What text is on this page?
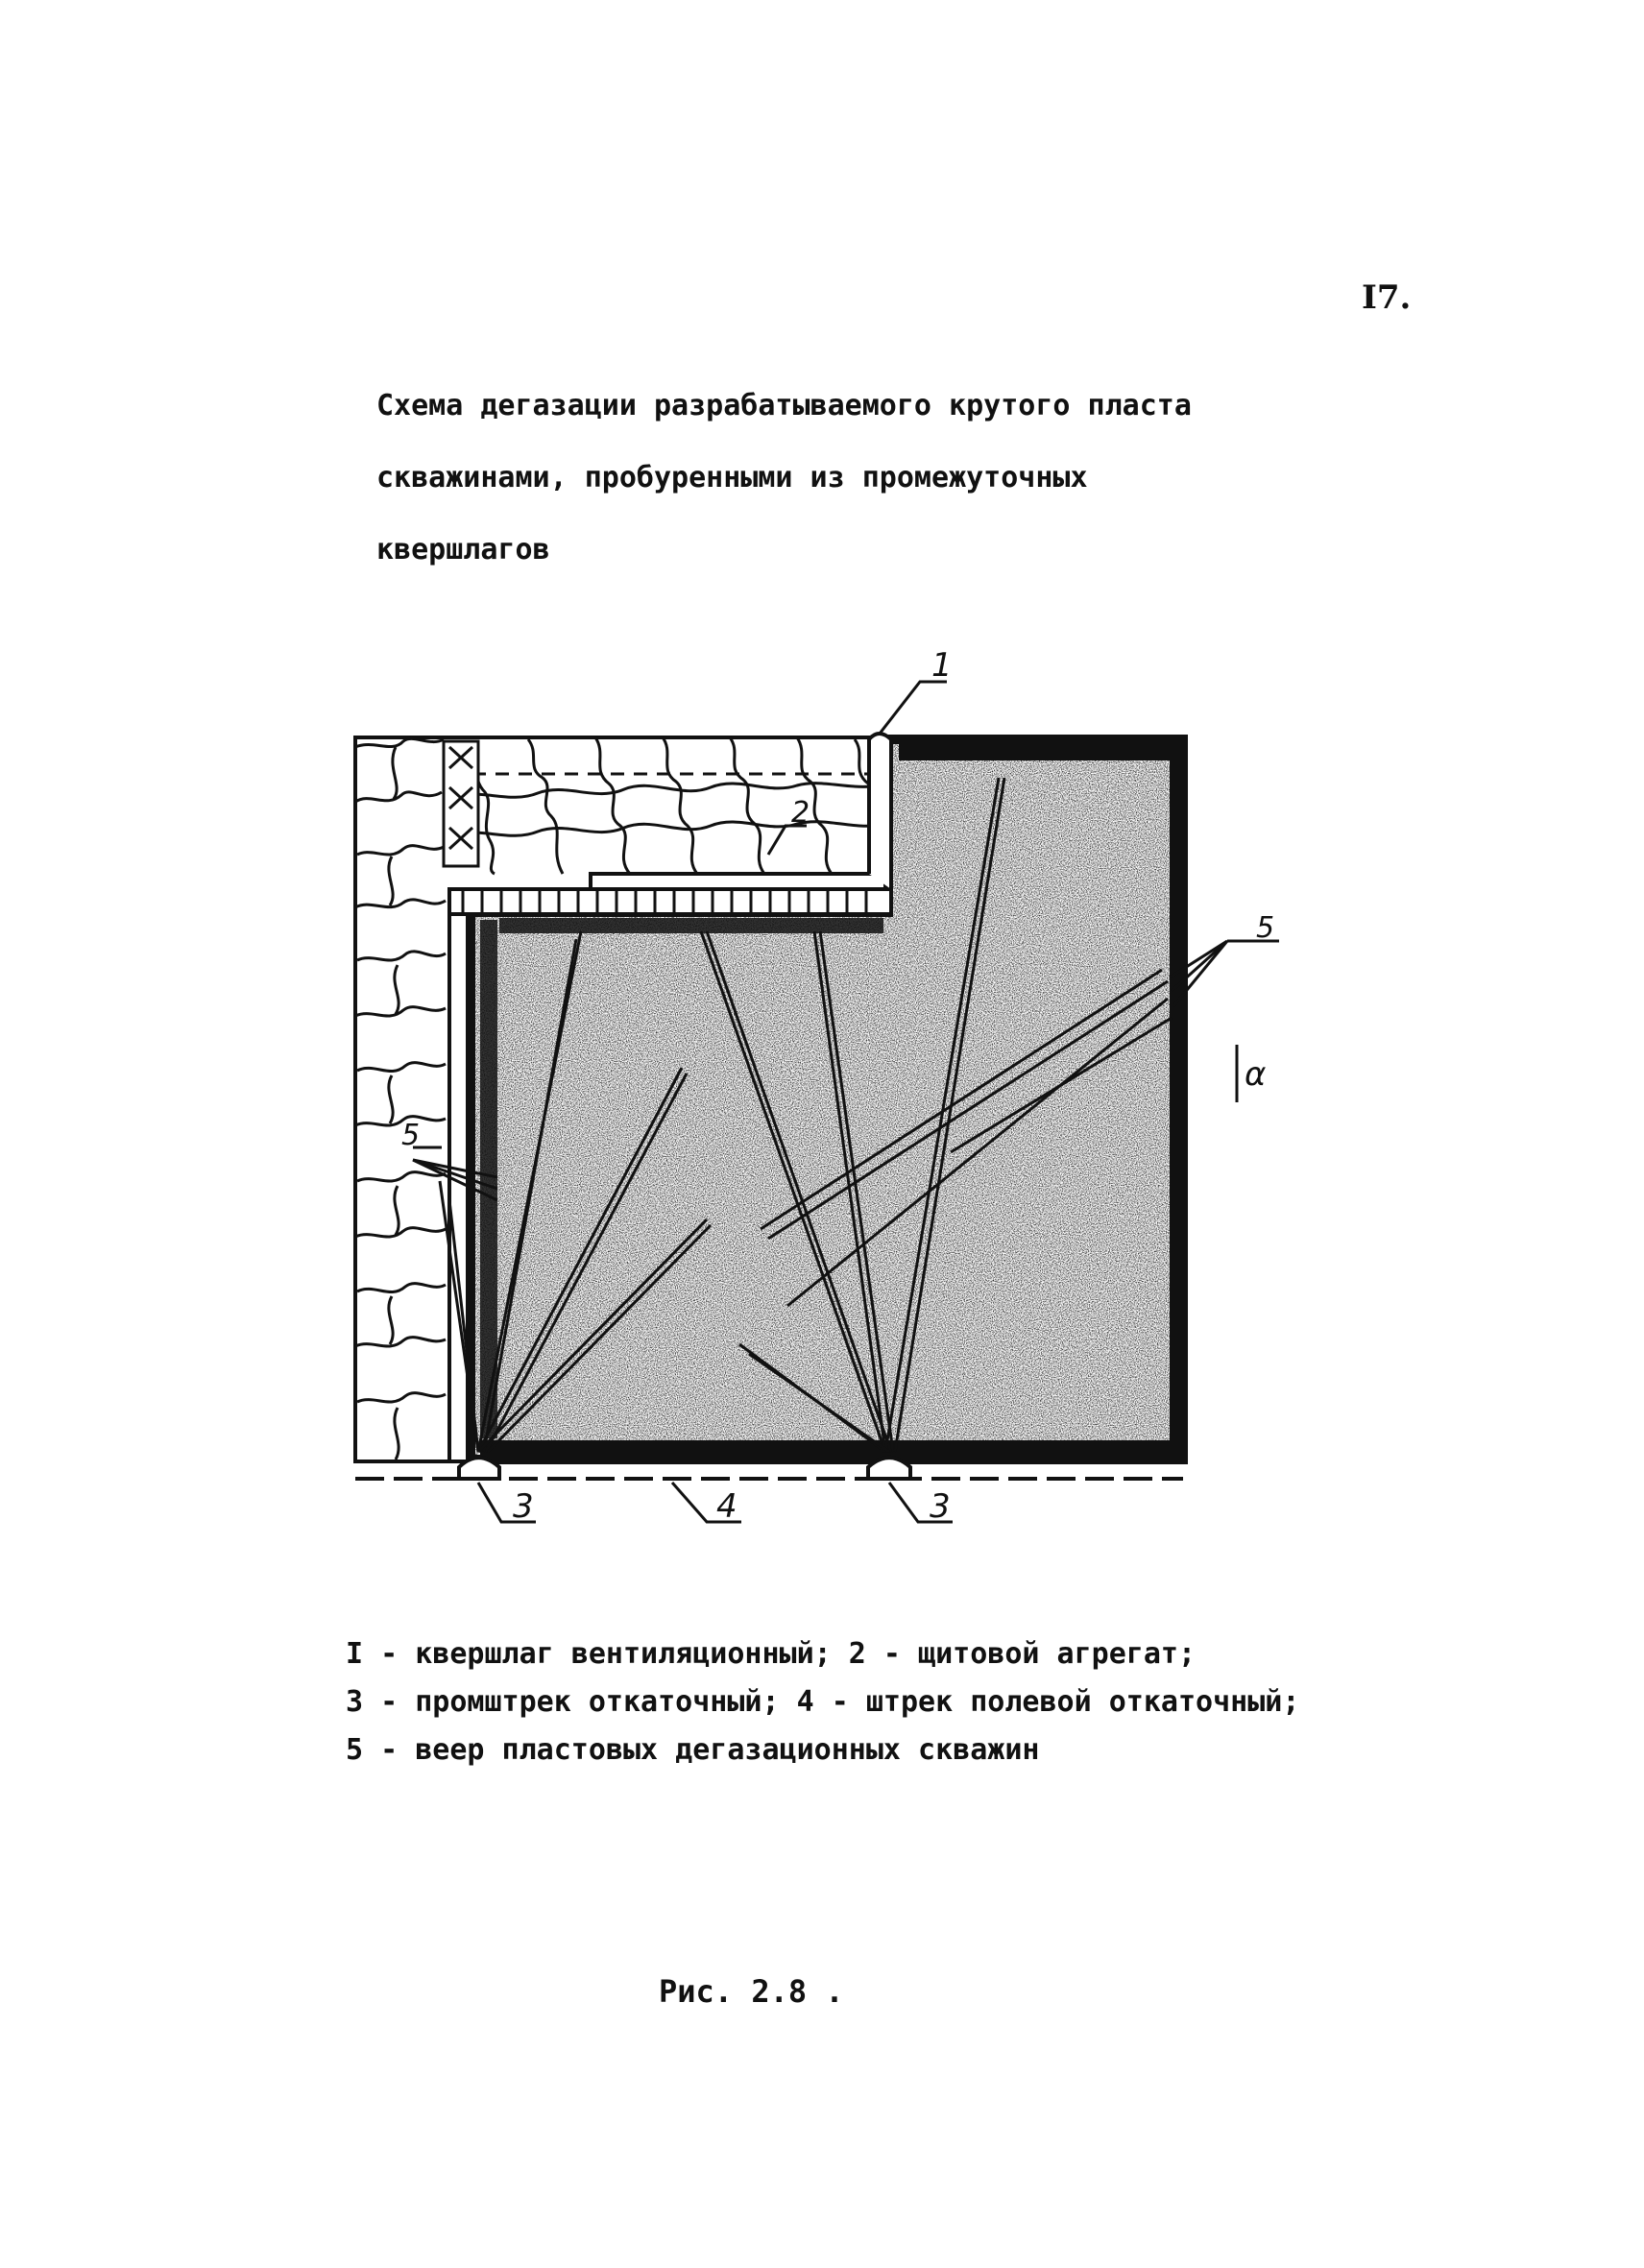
I7.
Схема дегазации разрабатываемого крутого пласта
скважинами, пробуренными из промежуточных
квершлагов
1
2
3	4	3
5
5
α
I - квершлаг вентиляционный; 2 - щитовой агрегат;
3 - промштрек откаточный; 4 - штрек полевой откаточный;
5 - веер пластовых дегазационных скважин
Рис. 2.8 .
